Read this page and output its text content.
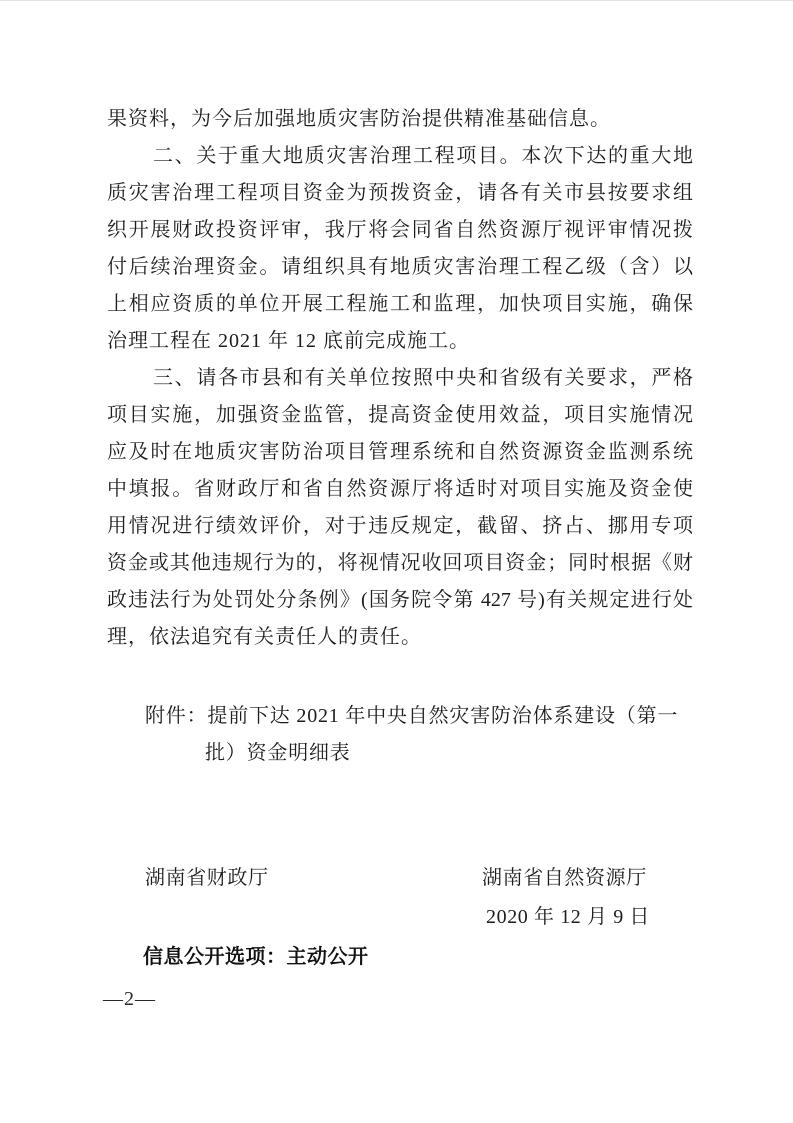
果资料，为今后加强地质灾害防治提供精准基础信息。
二、关于重大地质灾害治理工程项目。本次下达的重大地
质灾害治理工程项目资金为预拨资金，请各有关市县按要求组
织开展财政投资评审，我厅将会同省自然资源厅视评审情况拨
付后续治理资金。请组织具有地质灾害治理工程乙级（含）以
上相应资质的单位开展工程施工和监理，加快项目实施，确保
治理工程在 2021 年 12 底前完成施工。
三、请各市县和有关单位按照中央和省级有关要求，严格
项目实施，加强资金监管，提高资金使用效益，项目实施情况
应及时在地质灾害防治项目管理系统和自然资源资金监测系统
中填报。省财政厅和省自然资源厅将适时对项目实施及资金使
用情况进行绩效评价，对于违反规定，截留、挤占、挪用专项
资金或其他违规行为的，将视情况收回项目资金；同时根据《财
政违法行为处罚处分条例》(国务院令第 427 号)有关规定进行处
理，依法追究有关责任人的责任。
附件：提前下达 2021 年中央自然灾害防治体系建设（第一
批）资金明细表
湖南省财政厅	湖南省自然资源厅
2020 年 12 月 9 日
信息公开选项：主动公开
—2—
